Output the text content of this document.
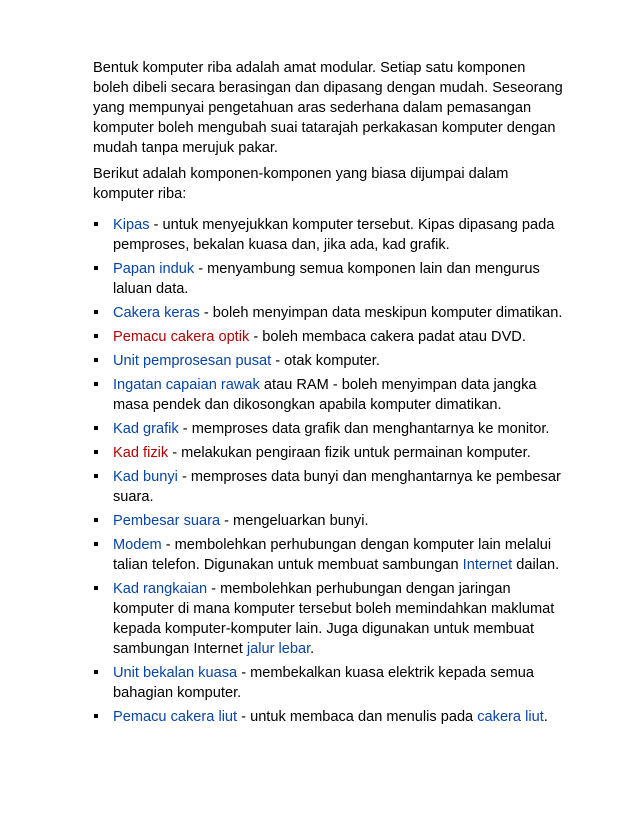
Bentuk komputer riba adalah amat modular. Setiap satu komponen boleh dibeli secara berasingan dan dipasang dengan mudah. Seseorang yang mempunyai pengetahuan aras sederhana dalam pemasangan komputer boleh mengubah suai tatarajah perkakasan komputer dengan mudah tanpa merujuk pakar.

Berikut adalah komponen-komponen yang biasa dijumpai dalam komputer riba:

Kipas - untuk menyejukkan komputer tersebut. Kipas dipasang pada pemproses, bekalan kuasa dan, jika ada, kad grafik.
Papan induk - menyambung semua komponen lain dan mengurus laluan data.
Cakera keras - boleh menyimpan data meskipun komputer dimatikan.
Pemacu cakera optik - boleh membaca cakera padat atau DVD.
Unit pemprosesan pusat - otak komputer.
Ingatan capaian rawak atau RAM - boleh menyimpan data jangka masa pendek dan dikosongkan apabila komputer dimatikan.
Kad grafik - memproses data grafik dan menghantarnya ke monitor.
Kad fizik - melakukan pengiraan fizik untuk permainan komputer.
Kad bunyi - memproses data bunyi dan menghantarnya ke pembesar suara.
Pembesar suara - mengeluarkan bunyi.
Modem - membolehkan perhubungan dengan komputer lain melalui talian telefon. Digunakan untuk membuat sambungan Internet dailan.
Kad rangkaian - membolehkan perhubungan dengan jaringan komputer di mana komputer tersebut boleh memindahkan maklumat kepada komputer-komputer lain. Juga digunakan untuk membuat sambungan Internet jalur lebar.
Unit bekalan kuasa - membekalkan kuasa elektrik kepada semua bahagian komputer.
Pemacu cakera liut - untuk membaca dan menulis pada cakera liut.
